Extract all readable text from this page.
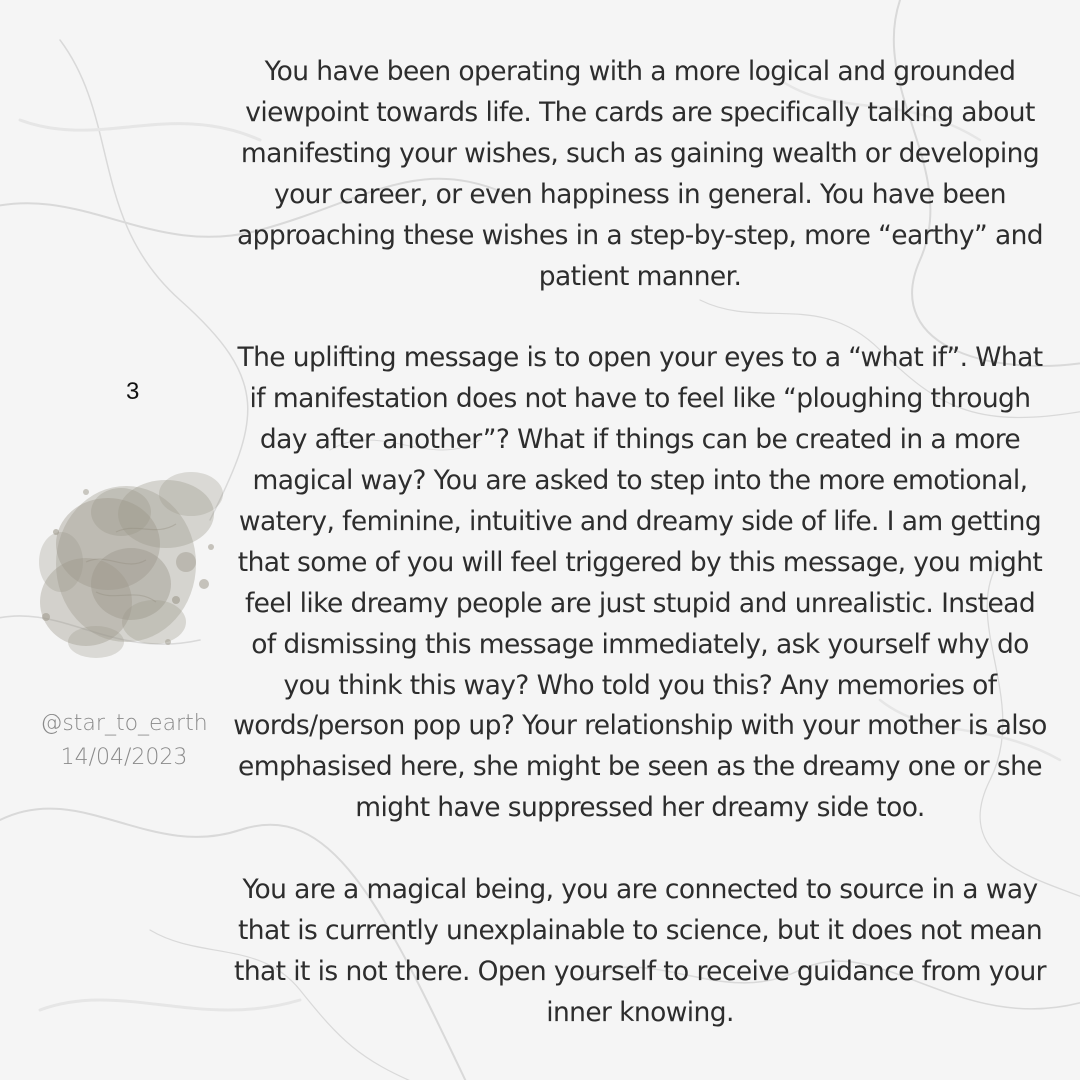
3
@star_to_earth
14/04/2023

You have been operating with a more logical and grounded viewpoint towards life. The cards are specifically talking about manifesting your wishes, such as gaining wealth or developing your career, or even happiness in general. You have been approaching these wishes in a step-by-step, more “earthy” and patient manner.

The uplifting message is to open your eyes to a “what if”. What if manifestation does not have to feel like “ploughing through day after another”? What if things can be created in a more magical way? You are asked to step into the more emotional, watery, feminine, intuitive and dreamy side of life. I am getting that some of you will feel triggered by this message, you might feel like dreamy people are just stupid and unrealistic. Instead of dismissing this message immediately, ask yourself why do you think this way? Who told you this? Any memories of words/person pop up? Your relationship with your mother is also emphasised here, she might be seen as the dreamy one or she might have suppressed her dreamy side too.

You are a magical being, you are connected to source in a way that is currently unexplainable to science, but it does not mean that it is not there. Open yourself to receive guidance from your inner knowing.
